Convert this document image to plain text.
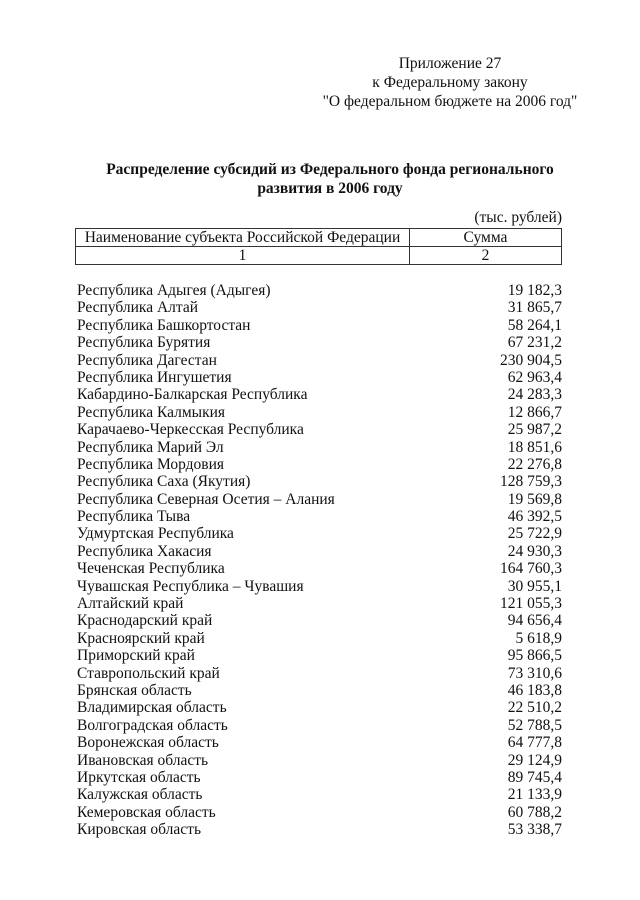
Приложение 27
к Федеральному закону
"О федеральном бюджете на 2006 год"
Распределение субсидий из Федерального фонда регионального
развития в 2006 году
(тыс. рублей)
Наименование субъекта Российской Федерации	Сумма
1	2
Республика Адыгея (Адыгея)	19 182,3
Республика Алтай	31 865,7
Республика Башкортостан	58 264,1
Республика Бурятия	67 231,2
Республика Дагестан	230 904,5
Республика Ингушетия	62 963,4
Кабардино-Балкарская Республика	24 283,3
Республика Калмыкия	12 866,7
Карачаево-Черкесская Республика	25 987,2
Республика Марий Эл	18 851,6
Республика Мордовия	22 276,8
Республика Саха (Якутия)	128 759,3
Республика Северная Осетия – Алания	19 569,8
Республика Тыва	46 392,5
Удмуртская Республика	25 722,9
Республика Хакасия	24 930,3
Чеченская Республика	164 760,3
Чувашская Республика – Чувашия	30 955,1
Алтайский край	121 055,3
Краснодарский край	94 656,4
Красноярский край	5 618,9
Приморский край	95 866,5
Ставропольский край	73 310,6
Брянская область	46 183,8
Владимирская область	22 510,2
Волгоградская область	52 788,5
Воронежская область	64 777,8
Ивановская область	29 124,9
Иркутская область	89 745,4
Калужская область	21 133,9
Кемеровская область	60 788,2
Кировская область	53 338,7
